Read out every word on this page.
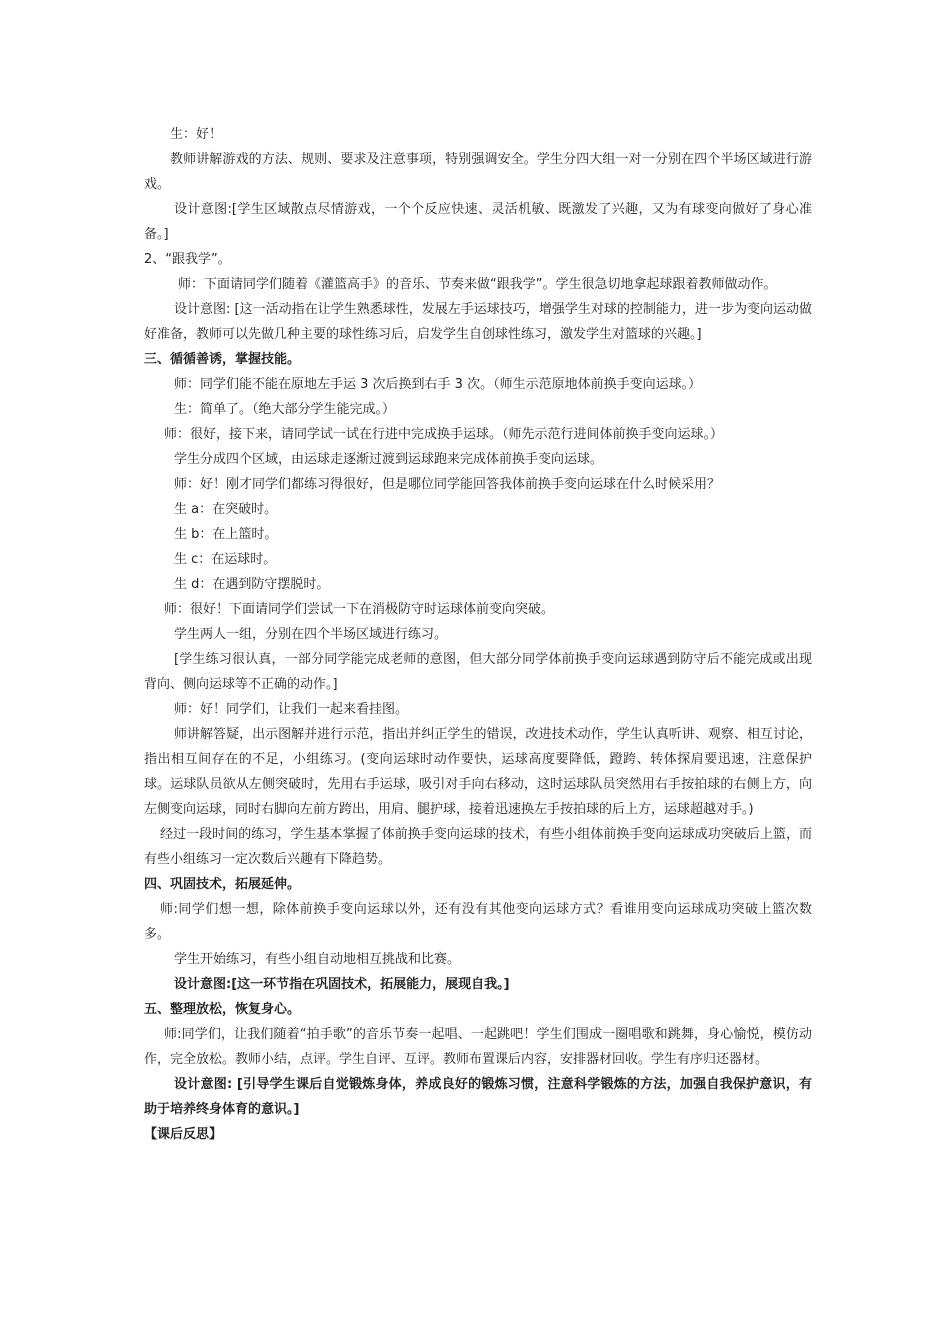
生：好！

教师讲解游戏的方法、规则、要求及注意事项，特别强调安全。学生分四大组一对一分别在四个半场区域进行游戏。

设计意图:[学生区域散点尽情游戏，一个个反应快速、灵活机敏、既激发了兴趣，又为有球变向做好了身心准备。]

2、“跟我学”。

师：下面请同学们随着《灌篮高手》的音乐、节奏来做“跟我学”。学生很急切地拿起球跟着教师做动作。

设计意图: [这一活动指在让学生熟悉球性，发展左手运球技巧，增强学生对球的控制能力，进一步为变向运动做好准备，教师可以先做几种主要的球性练习后，启发学生自创球性练习，激发学生对篮球的兴趣。]

三、循循善诱，掌握技能。

师：同学们能不能在原地左手运 3 次后换到右手 3 次。（师生示范原地体前换手变向运球。）

生：简单了。（绝大部分学生能完成。）

师：很好，接下来，请同学试一试在行进中完成换手运球。（师先示范行进间体前换手变向运球。）

学生分成四个区域，由运球走逐渐过渡到运球跑来完成体前换手变向运球。

师：好！刚才同学们都练习得很好，但是哪位同学能回答我体前换手变向运球在什么时候采用？

生 a：在突破时。

生 b：在上篮时。

生 c：在运球时。

生 d：在遇到防守摆脱时。

师：很好！下面请同学们尝试一下在消极防守时运球体前变向突破。

学生两人一组，分别在四个半场区域进行练习。

[学生练习很认真，一部分同学能完成老师的意图，但大部分同学体前换手变向运球遇到防守后不能完成或出现背向、侧向运球等不正确的动作。]

师：好！同学们，让我们一起来看挂图。

师讲解答疑，出示图解并进行示范，指出并纠正学生的错误，改进技术动作，学生认真听讲、观察、相互讨论，指出相互间存在的不足，小组练习。(变向运球时动作要快，运球高度要降低，蹬跨、转体探肩要迅速，注意保护球。运球队员欲从左侧突破时，先用右手运球，吸引对手向右移动，这时运球队员突然用右手按拍球的右侧上方，向左侧变向运球，同时右脚向左前方跨出，用肩、腿护球，接着迅速换左手按拍球的后上方，运球超越对手。)

经过一段时间的练习，学生基本掌握了体前换手变向运球的技术，有些小组体前换手变向运球成功突破后上篮，而有些小组练习一定次数后兴趣有下降趋势。

四、巩固技术，拓展延伸。

师:同学们想一想，除体前换手变向运球以外，还有没有其他变向运球方式？看谁用变向运球成功突破上篮次数多。

学生开始练习，有些小组自动地相互挑战和比赛。

设计意图:[这一环节指在巩固技术，拓展能力，展现自我。]

五、整理放松，恢复身心。

师:同学们，让我们随着“拍手歌”的音乐节奏一起唱、一起跳吧！学生们围成一圈唱歌和跳舞，身心愉悦，模仿动作，完全放松。教师小结，点评。学生自评、互评。教师布置课后内容，安排器材回收。学生有序归还器材。

设计意图: [引导学生课后自觉锻炼身体，养成良好的锻炼习惯，注意科学锻炼的方法，加强自我保护意识，有助于培养终身体育的意识。]

【课后反思】
